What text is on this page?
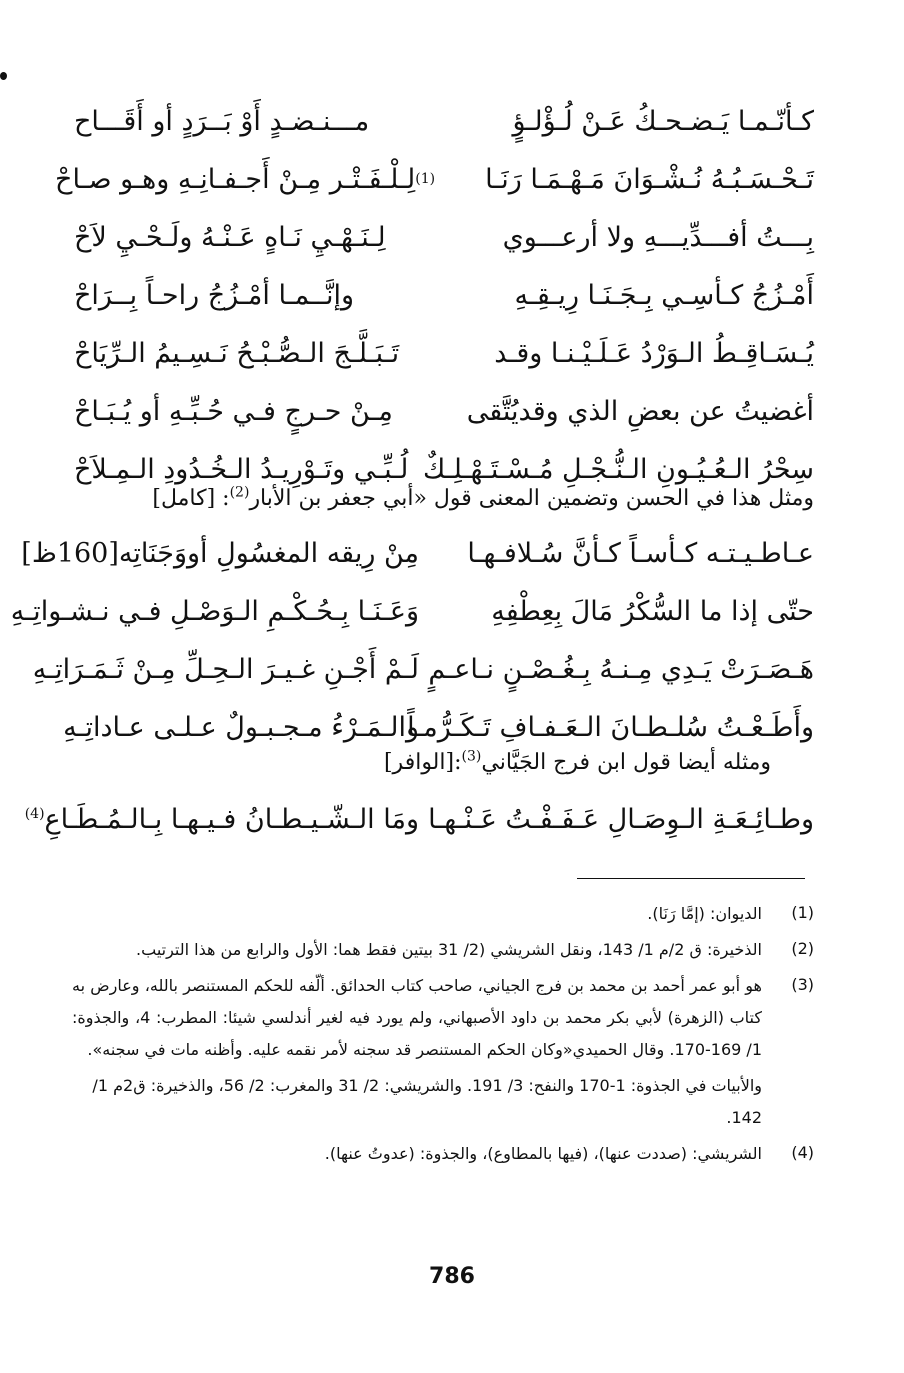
كـأنّـمـا يَـضـحـكُ عَـنْ لُـؤْلـؤٍ
مـــنـضـدٍ أَوْ بَــرَدٍ أو أَقَـــاح
تَـحْـسَـبُـهُ نُـشْـوَانَ مَـهْـمَـا رَنَـا
(1)
لِـلْـفَـتْـر مِـنْ أَجـفـانِـهِ وهـو صـاحْ
بِـــتُ أفـــدِّيـــهِ ولا أرعـــوي
لِـنَـهْـيِ نَـاهٍ عَـنْـهُ ولَـحْـيِ لاَحْ
أَمْـزُجُ كـأسِـي بِـجَـنَـا رِيـقِـهِ
وإنَّــمـا أمْـزُجُ راحـاً بِــرَاحْ
يُـسَـاقِـطُ الـوَرْدُ عَـلَـيْـنـا وقـد
تَـبَـلَّـجَ الـصُّـبْـحُ نَـسِـيمُ الـرِّيَاحْ
أغضيتُ عن بعضِ الذي وقديُتَّقى
مِـنْ حـرجٍ فـي حُـبِّـهِ أو يُـبَـاحْ
سِحْرُ الـعُـيُـونِ الـنُّـجْـلِ مُـسْـتَـهْـلِـكٌ
لُـبِّـي وتَـوْرِيـدُ الـخُـدُودِ الـمِـلاَحْ
ومثل هذا في الحسن وتضمين المعنى قول «أبي جعفر بن الأبار$^{(2)}$: [كامل]
عـاطـيـتـه كـأسـاً كـأنَّ سُـلافـهـا
مِنْ رِيقه المغسُولِ أووَجَنَاتِه[160ظ]
حتّى إذا ما السُّكْرُ مَالَ بِعِطْفِهِ
وَعَـنَـا بِـحُـكْـمِ الـوَصْـلِ فـي نـشـواتِـهِ
هَـصَـرَتْ يَـدِي مِـنـهُ بِـغُـصْـنٍ نـاعـمٍ
لَـمْ أَجْـنِ غـيـرَ الـحِـلِّ مِـنْ ثَـمَـرَاتِـهِ
وأَطَـعْـتُ سُلـطـانَ الـعَـفـافِ تَـكَـرُّمـاً
والـمَـرْءُ مـجـبـولٌ عـلـى عـاداتِـهِ
ومثله أيضا قول ابن فرج الجَيَّاني$^{(3)}$:[الوافر]
وطـائِـعَـةِ الـوِصَـالِ عَـفَـفْـتُ عَـنْـهـا
ومَا الـشّـيـطـانُ فـيـهـا بِـالـمُـطَـاعِ$^{(4)}$
(1)
الديوان: (إمَّا رَنَا).
(2)
الذخيرة: ق 2/م 1/ 143، ونقل الشريشي (2/ 31 بيتين فقط هما: الأول والرابع من هذا الترتيب.
(3)
هو أبو عمر أحمد بن محمد بن فرج الجياني، صاحب كتاب الحدائق. ألّفه للحكم المستنصر بالله، وعارض به كتاب (الزهرة) لأبي بكر محمد بن داود الأصبهاني، ولم يورد فيه لغير أندلسي شيئا: المطرب: 4، والجذوة: 1/ 169-170. وقال الحميدي«وكان الحكم المستنصر قد سجنه لأمر نقمه عليه. وأظنه مات في سجنه».
والأبيات في الجذوة: 1-170 والنفح: 3/ 191. والشريشي: 2/ 31 والمغرب: 2/ 56، والذخيرة: ق2م 1/ 142.
(4)
الشريشي: (صددت عنها)، (فيها بالمطاوع)، والجذوة: (عدوتُ عنها).
786
